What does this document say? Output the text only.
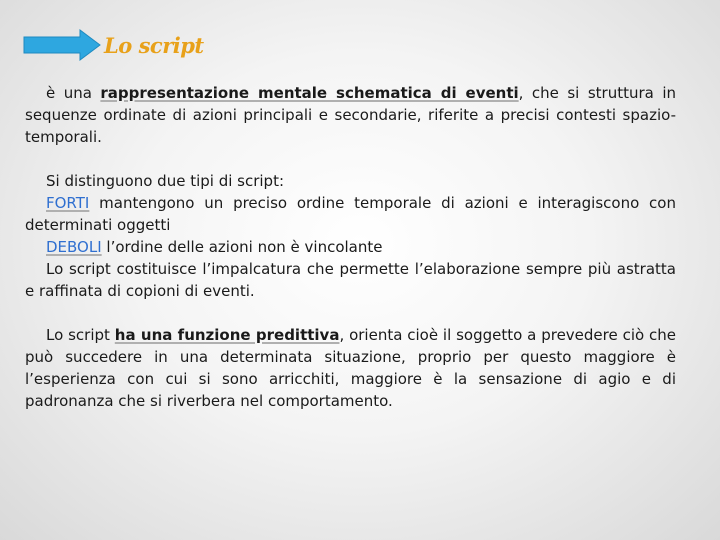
Lo script

è una rappresentazione mentale schematica di eventi, che si struttura in sequenze ordinate di azioni principali e secondarie, riferite a precisi contesti spazio-temporali.

Si distinguono due tipi di script:

FORTI mantengono un preciso ordine temporale di azioni e interagiscono con determinati oggetti

DEBOLI l’ordine delle azioni non è vincolante

Lo script costituisce l’impalcatura che permette l’elaborazione sempre più astratta e raffinata di copioni di eventi.

Lo script ha una funzione predittiva, orienta cioè il soggetto a prevedere ciò che può succedere in una determinata situazione, proprio per questo maggiore è l’esperienza con cui si sono arricchiti, maggiore è la sensazione di agio e di padronanza che si riverbera nel comportamento.
